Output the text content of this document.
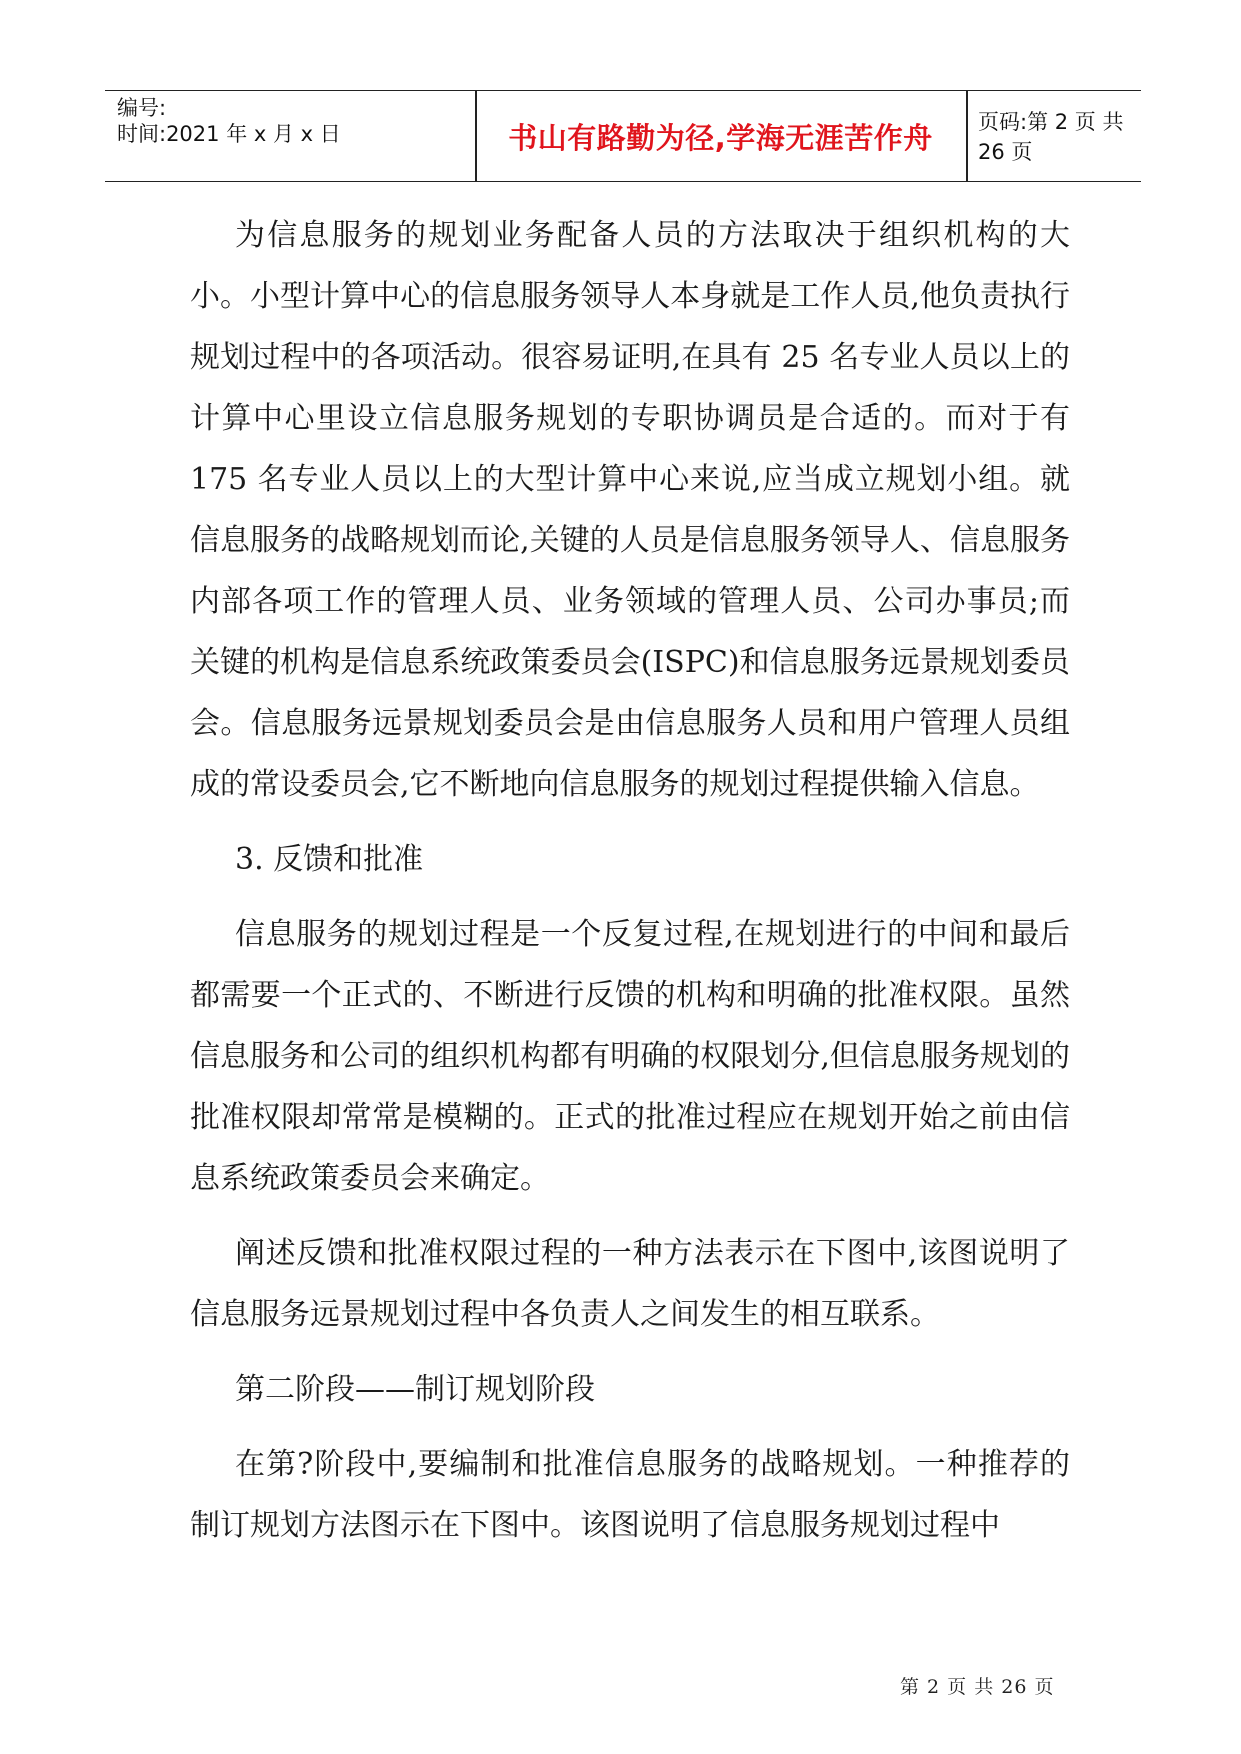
编号:
时间:2021 年 x 月 x 日	书山有路勤为径,学海无涯苦作舟	页码:第 2 页 共 26 页

为信息服务的规划业务配备人员的方法取决于组织机构的大小。小型计算中心的信息服务领导人本身就是工作人员,他负责执行规划过程中的各项活动。很容易证明,在具有 25 名专业人员以上的计算中心里设立信息服务规划的专职协调员是合适的。而对于有 175 名专业人员以上的大型计算中心来说,应当成立规划小组。就信息服务的战略规划而论,关键的人员是信息服务领导人、信息服务内部各项工作的管理人员、业务领域的管理人员、公司办事员;而关键的机构是信息系统政策委员会(ISPC)和信息服务远景规划委员会。信息服务远景规划委员会是由信息服务人员和用户管理人员组成的常设委员会,它不断地向信息服务的规划过程提供输入信息。

3. 反馈和批准

信息服务的规划过程是一个反复过程,在规划进行的中间和最后都需要一个正式的、不断进行反馈的机构和明确的批准权限。虽然信息服务和公司的组织机构都有明确的权限划分,但信息服务规划的批准权限却常常是模糊的。正式的批准过程应在规划开始之前由信息系统政策委员会来确定。

阐述反馈和批准权限过程的一种方法表示在下图中,该图说明了信息服务远景规划过程中各负责人之间发生的相互联系。

第二阶段——制订规划阶段

在第?阶段中,要编制和批准信息服务的战略规划。一种推荐的制订规划方法图示在下图中。该图说明了信息服务规划过程中

第 2 页 共 26 页
